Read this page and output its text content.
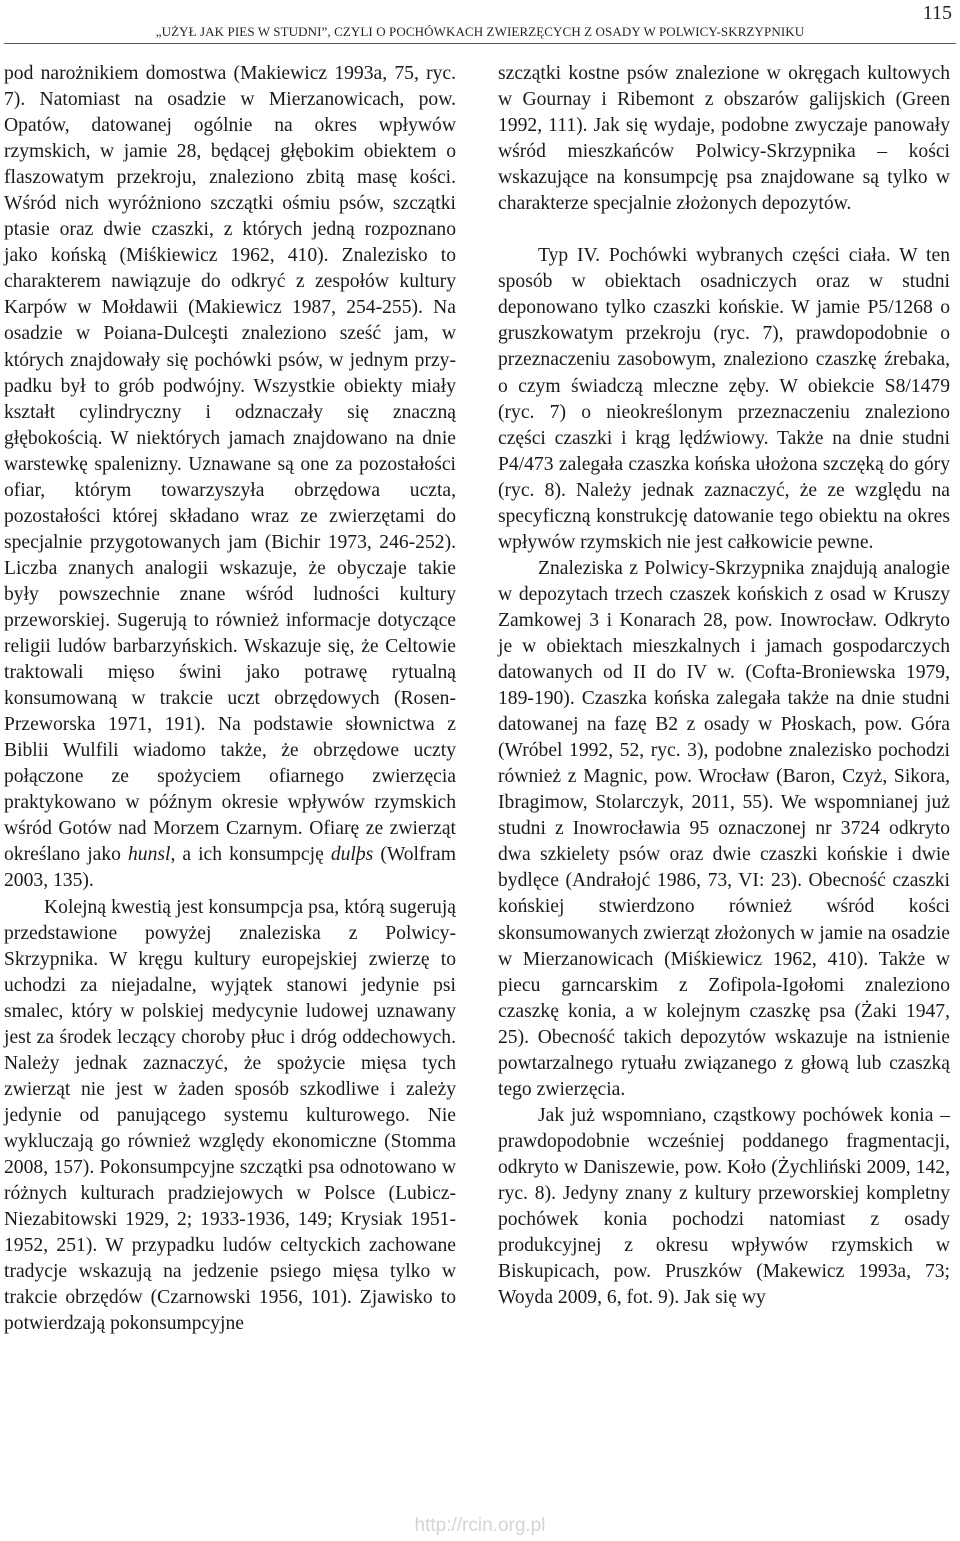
„UŻYŁ JAK PIES W STUDNI”, CZYLI O POCHÓWKACH ZWIERZĘCYCH Z OSADY W POLWICY-SKRZYPNIKU
115

pod narożnikiem domostwa (Makiewicz 1993a, 75, ryc. 7). Natomiast na osadzie w Mierzanowicach, pow. Opatów, datowanej ogólnie na okres wpływów rzymskich, w jamie 28, będącej głębokim obiektem o flaszowatym przekroju, znaleziono zbitą masę kości. Wśród nich wyróżniono szczątki ośmiu psów, szczątki ptasie oraz dwie czaszki, z których jedną rozpoznano jako końską (Miśkiewicz 1962, 410). Znalezisko to charakterem nawiązuje do odkryć z zespołów kultury Karpów w Mołdawii (Makiewicz 1987, 254-255). Na osadzie w Poiana-Dulceşti znaleziono sześć jam, w których znajdowały się pochówki psów, w jednym przypadku był to grób podwójny. Wszystkie obiekty miały kształt cylindryczny i odznaczały się znaczną głębokością. W niektórych jamach znajdowano na dnie warstewkę spalenizny. Uznawane są one za pozostałości ofiar, którym towarzyszyła obrzędowa uczta, pozostałości której składano wraz ze zwierzętami do specjalnie przygotowanych jam (Bichir 1973, 246-252). Liczba znanych analogii wskazuje, że obyczaje takie były powszechnie znane wśród ludności kultury przeworskiej. Sugerują to również informacje dotyczące religii ludów barbarzyńskich. Wskazuje się, że Celtowie traktowali mięso świni jako potrawę rytualną konsumowaną w trakcie uczt obrzędowych (Rosen-Przeworska 1971, 191). Na podstawie słownictwa z Biblii Wulfili wiadomo także, że obrzędowe uczty połączone ze spożyciem ofiarnego zwierzęcia praktykowano w późnym okresie wpływów rzymskich wśród Gotów nad Morzem Czarnym. Ofiarę ze zwierząt określano jako hunsl, a ich konsumpcję dulþs (Wolfram 2003, 135).

Kolejną kwestią jest konsumpcja psa, którą sugerują przedstawione powyżej znaleziska z Polwicy-Skrzypnika. W kręgu kultury europejskiej zwierzę to uchodzi za niejadalne, wyjątek stanowi jedynie psi smalec, który w polskiej medycynie ludowej uznawany jest za środek leczący choroby płuc i dróg oddechowych. Należy jednak zaznaczyć, że spożycie mięsa tych zwierząt nie jest w żaden sposób szkodliwe i zależy jedynie od panującego systemu kulturowego. Nie wykluczają go również względy ekonomiczne (Stomma 2008, 157). Pokonsumpcyjne szczątki psa odnotowano w różnych kulturach pradziejowych w Polsce (Lubicz-Niezabitowski 1929, 2; 1933-1936, 149; Krysiak 1951-1952, 251). W przypadku ludów celtyckich zachowane tradycje wskazują na jedzenie psiego mięsa tylko w trakcie obrzędów (Czarnowski 1956, 101). Zjawisko to potwierdzają pokonsumpcyjne

szczątki kostne psów znalezione w okręgach kultowych w Gournay i Ribemont z obszarów galijskich (Green 1992, 111). Jak się wydaje, podobne zwyczaje panowały wśród mieszkańców Polwicy-Skrzypnika – kości wskazujące na konsumpcję psa znajdowane są tylko w charakterze specjalnie złożonych depozytów.

Typ IV. Pochówki wybranych części ciała. W ten sposób w obiektach osadniczych oraz w studni deponowano tylko czaszki końskie. W jamie P5/1268 o gruszkowatym przekroju (ryc. 7), prawdopodobnie o przeznaczeniu zasobowym, znaleziono czaszkę źrebaka, o czym świadczą mleczne zęby. W obiekcie S8/1479 (ryc. 7) o nieokreślonym przeznaczeniu znaleziono części czaszki i krąg lędźwiowy. Także na dnie studni P4/473 zalegała czaszka końska ułożona szczęką do góry (ryc. 8). Należy jednak zaznaczyć, że ze względu na specyficzną konstrukcję datowanie tego obiektu na okres wpływów rzymskich nie jest całkowicie pewne.

Znaleziska z Polwicy-Skrzypnika znajdują analogie w depozytach trzech czaszek końskich z osad w Kruszy Zamkowej 3 i Konarach 28, pow. Inowrocław. Odkryto je w obiektach mieszkalnych i jamach gospodarczych datowanych od II do IV w. (Cofta-Broniewska 1979, 189-190). Czaszka końska zalegała także na dnie studni datowanej na fazę B2 z osady w Płoskach, pow. Góra (Wróbel 1992, 52, ryc. 3), podobne znalezisko pochodzi również z Magnic, pow. Wrocław (Baron, Czyż, Sikora, Ibragimow, Stolarczyk, 2011, 55). We wspomnianej już studni z Inowrocławia 95 oznaczonej nr 3724 odkryto dwa szkielety psów oraz dwie czaszki końskie i dwie bydlęce (Andrałojć 1986, 73, VI: 23). Obecność czaszki końskiej stwierdzono również wśród kości skonsumowanych zwierząt złożonych w jamie na osadzie w Mierzanowicach (Miśkiewicz 1962, 410). Także w piecu garncarskim z Zofipola-Igołomi znaleziono czaszkę konia, a w kolejnym czaszkę psa (Żaki 1947, 25). Obecność takich depozytów wskazuje na istnienie powtarzalnego rytuału związanego z głową lub czaszką tego zwierzęcia.

Jak już wspomniano, cząstkowy pochówek konia – prawdopodobnie wcześniej poddanego fragmentacji, odkryto w Daniszewie, pow. Koło (Żychliński 2009, 142, ryc. 8). Jedyny znany z kultury przeworskiej kompletny pochówek konia pochodzi natomiast z osady produkcyjnej z okresu wpływów rzymskich w Biskupicach, pow. Pruszków (Makewicz 1993a, 73; Woyda 2009, 6, fot. 9). Jak się wy

http://rcin.org.pl
